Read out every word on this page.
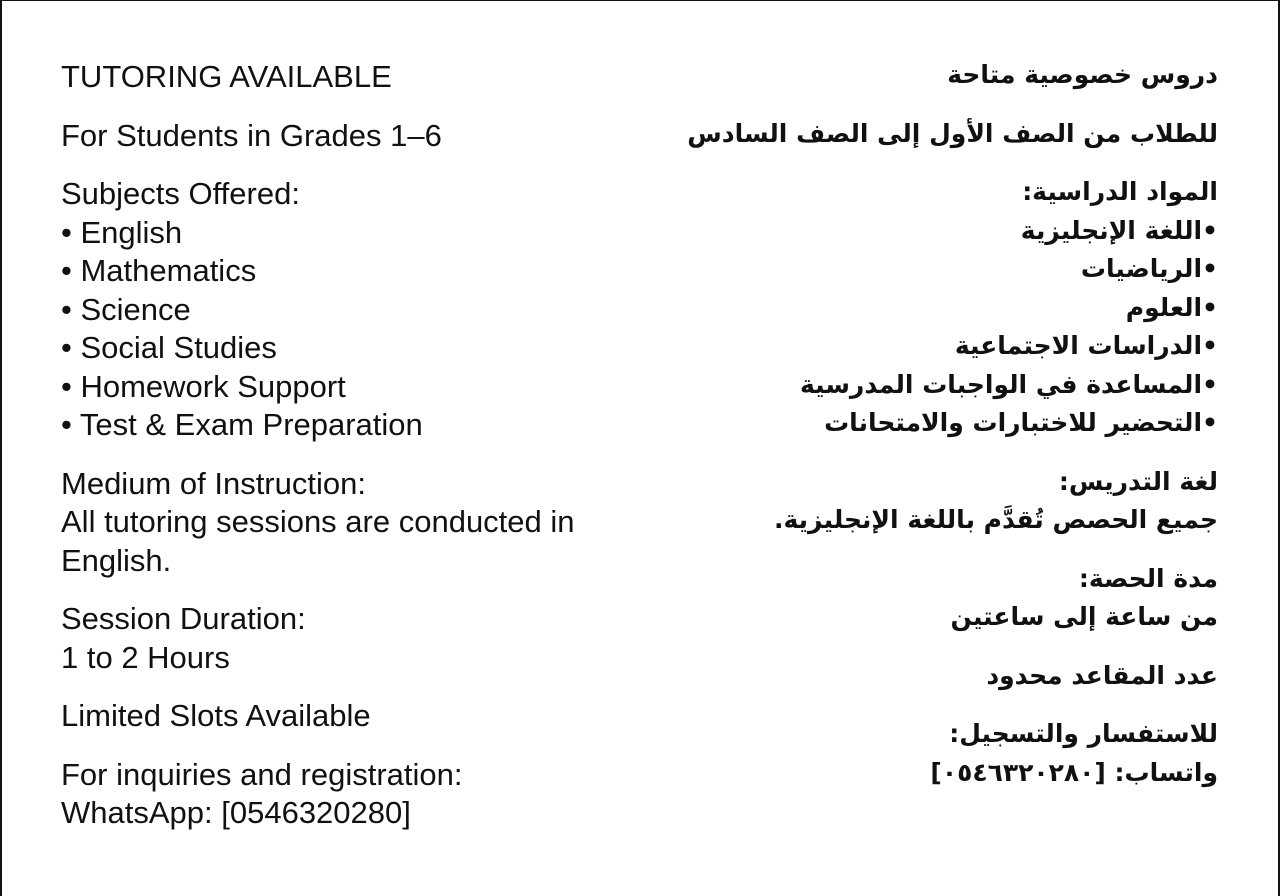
TUTORING AVAILABLE
For Students in Grades 1–6
Subjects Offered:
• English
• Mathematics
• Science
• Social Studies
• Homework Support
• Test & Exam Preparation
Medium of Instruction:
All tutoring sessions are conducted in
English.
Session Duration:
1 to 2 Hours
Limited Slots Available
For inquiries and registration:
WhatsApp: [0546320280]
دروس خصوصية متاحة
للطلاب من الصف الأول إلى الصف السادس
المواد الدراسية:
•اللغة الإنجليزية
•الرياضيات
•العلوم
•الدراسات الاجتماعية
•المساعدة في الواجبات المدرسية
•التحضير للاختبارات والامتحانات
لغة التدريس:
جميع الحصص تُقدَّم باللغة الإنجليزية.
مدة الحصة:
من ساعة إلى ساعتين
عدد المقاعد محدود
للاستفسار والتسجيل:
واتساب: [٠٥٤٦٣٢٠٢٨٠]
